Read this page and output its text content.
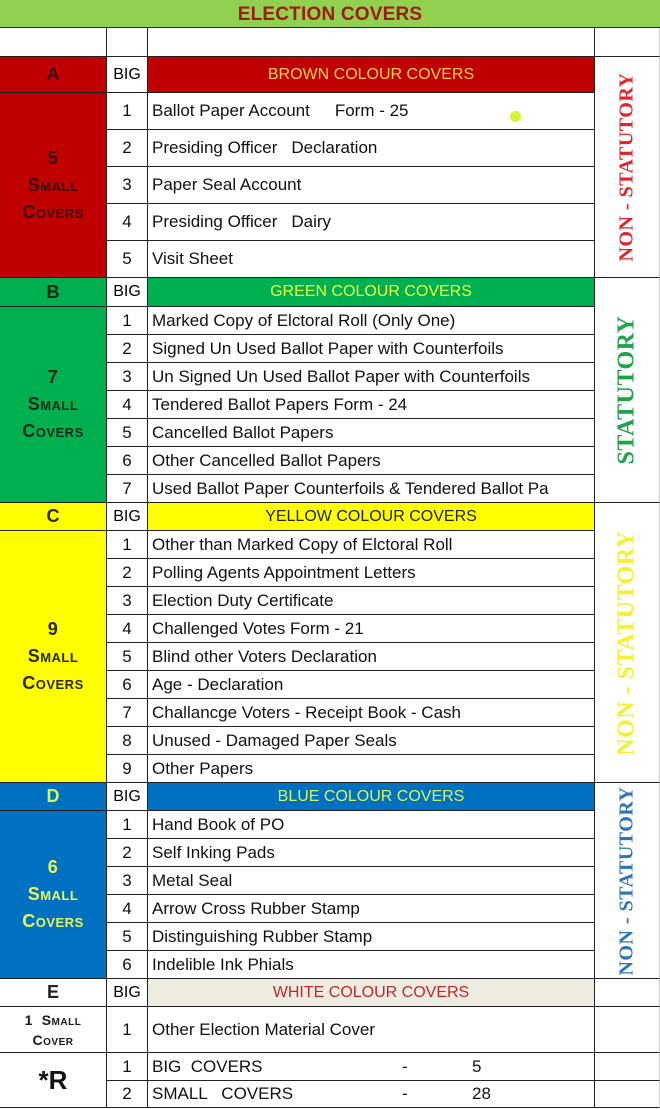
ELECTION COVERS
A	BIG	BROWN COLOUR COVERS
5
Small
Covers
1	Ballot Paper Account Form - 25
2	Presiding Officer Declaration
3	Paper Seal Account
4	Presiding Officer Dairy
5	Visit Sheet	NON - STATUTORY
B	BIG	GREEN COLOUR COVERS
7
Small
Covers
1	Marked Copy of Elctoral Roll (Only One)
2	Signed Un Used Ballot Paper with Counterfoils
3	Un Signed Un Used Ballot Paper with Counterfoils
4	Tendered Ballot Papers Form - 24
5	Cancelled Ballot Papers
6	Other Cancelled Ballot Papers
7	Used Ballot Paper Counterfoils & Tendered Ballot Pa
STATUTORY
C	BIG	YELLOW COLOUR COVERS
9
Small
Covers
1	Other than Marked Copy of Elctoral Roll
2	Polling Agents Appointment Letters
3	Election Duty Certificate
4	Challenged Votes Form - 21
5	Blind other Voters Declaration
6	Age - Declaration
7	Challancge Voters - Receipt Book - Cash
8	Unused - Damaged Paper Seals
9	Other Papers
NON - STATUTORY
D	BIG	BLUE COLOUR COVERS
6
Small
Covers
1	Hand Book of PO
2	Self Inking Pads
3	Metal Seal
4	Arrow Cross Rubber Stamp
5	Distinguishing Rubber Stamp
6	Indelible Ink Phials	NON - STATUTORY
E	BIG	WHITE COLOUR COVERS
1  Small
Cover
1	Other Election Material Cover
*R	1	BIG  COVERS	-	5
2	SMALL   COVERS	-	28
